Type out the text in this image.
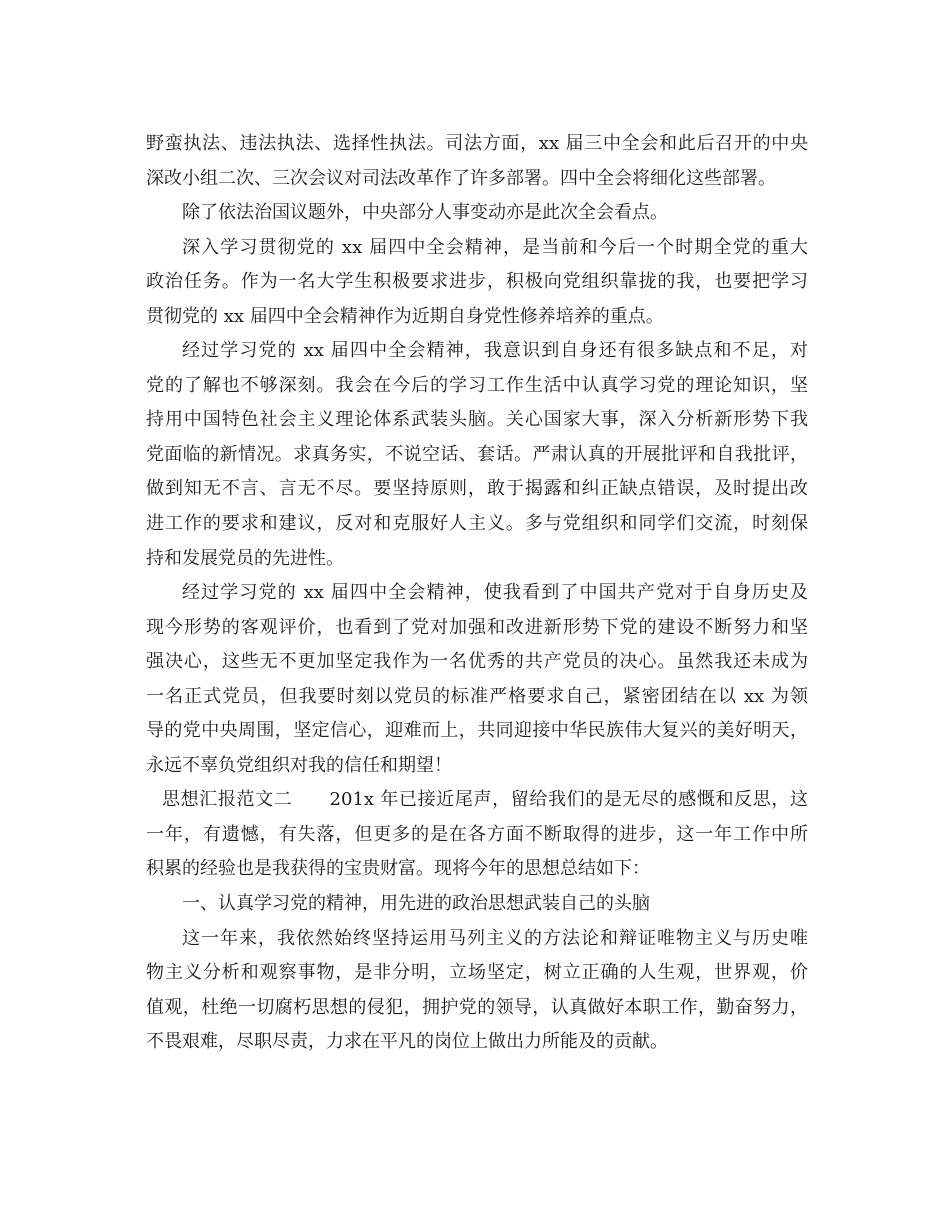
野蛮执法、违法执法、选择性执法。司法方面，xx 届三中全会和此后召开的中央
深改小组二次、三次会议对司法改革作了许多部署。四中全会将细化这些部署。
除了依法治国议题外，中央部分人事变动亦是此次全会看点。
深入学习贯彻党的 xx 届四中全会精神，是当前和今后一个时期全党的重大
政治任务。作为一名大学生积极要求进步，积极向党组织靠拢的我，也要把学习
贯彻党的 xx 届四中全会精神作为近期自身党性修养培养的重点。
经过学习党的 xx 届四中全会精神，我意识到自身还有很多缺点和不足，对
党的了解也不够深刻。我会在今后的学习工作生活中认真学习党的理论知识，坚
持用中国特色社会主义理论体系武装头脑。关心国家大事，深入分析新形势下我
党面临的新情况。求真务实，不说空话、套话。严肃认真的开展批评和自我批评，
做到知无不言、言无不尽。要坚持原则，敢于揭露和纠正缺点错误，及时提出改
进工作的要求和建议，反对和克服好人主义。多与党组织和同学们交流，时刻保
持和发展党员的先进性。
经过学习党的 xx 届四中全会精神，使我看到了中国共产党对于自身历史及
现今形势的客观评价，也看到了党对加强和改进新形势下党的建设不断努力和坚
强决心，这些无不更加坚定我作为一名优秀的共产党员的决心。虽然我还未成为
一名正式党员，但我要时刻以党员的标准严格要求自己，紧密团结在以 xx 为领
导的党中央周围，坚定信心，迎难而上，共同迎接中华民族伟大复兴的美好明天，
永远不辜负党组织对我的信任和期望！
思想汇报范文二　　201x 年已接近尾声，留给我们的是无尽的感慨和反思，这
一年，有遗憾，有失落，但更多的是在各方面不断取得的进步，这一年工作中所
积累的经验也是我获得的宝贵财富。现将今年的思想总结如下：
一、认真学习党的精神，用先进的政治思想武装自己的头脑
这一年来，我依然始终坚持运用马列主义的方法论和辩证唯物主义与历史唯
物主义分析和观察事物，是非分明，立场坚定，树立正确的人生观，世界观，价
值观，杜绝一切腐朽思想的侵犯，拥护党的领导，认真做好本职工作，勤奋努力，
不畏艰难，尽职尽责，力求在平凡的岗位上做出力所能及的贡献。
